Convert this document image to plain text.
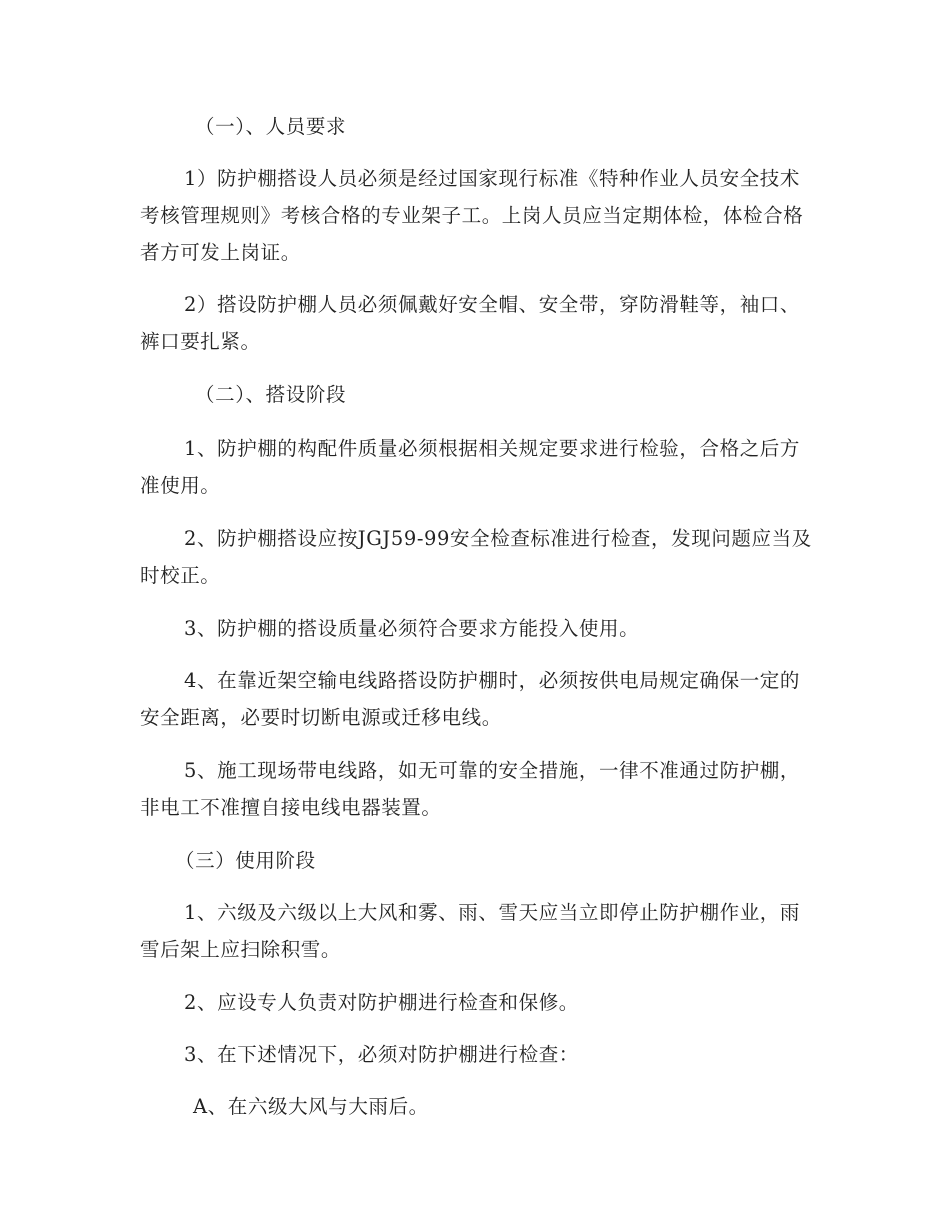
（一）、人员要求

1）防护棚搭设人员必须是经过国家现行标准《特种作业人员安全技术考核管理规则》考核合格的专业架子工。上岗人员应当定期体检，体检合格者方可发上岗证。

2）搭设防护棚人员必须佩戴好安全帽、安全带，穿防滑鞋等，袖口、裤口要扎紧。

（二）、搭设阶段

1、防护棚的构配件质量必须根据相关规定要求进行检验，合格之后方准使用。

2、防护棚搭设应按JGJ59-99安全检查标准进行检查，发现问题应当及时校正。

3、防护棚的搭设质量必须符合要求方能投入使用。

4、在靠近架空输电线路搭设防护棚时，必须按供电局规定确保一定的安全距离，必要时切断电源或迁移电线。

5、施工现场带电线路，如无可靠的安全措施，一律不准通过防护棚，非电工不准擅自接电线电器装置。

（三）使用阶段

1、六级及六级以上大风和雾、雨、雪天应当立即停止防护棚作业，雨雪后架上应扫除积雪。

2、应设专人负责对防护棚进行检查和保修。

3、在下述情况下，必须对防护棚进行检查：

A、在六级大风与大雨后。
